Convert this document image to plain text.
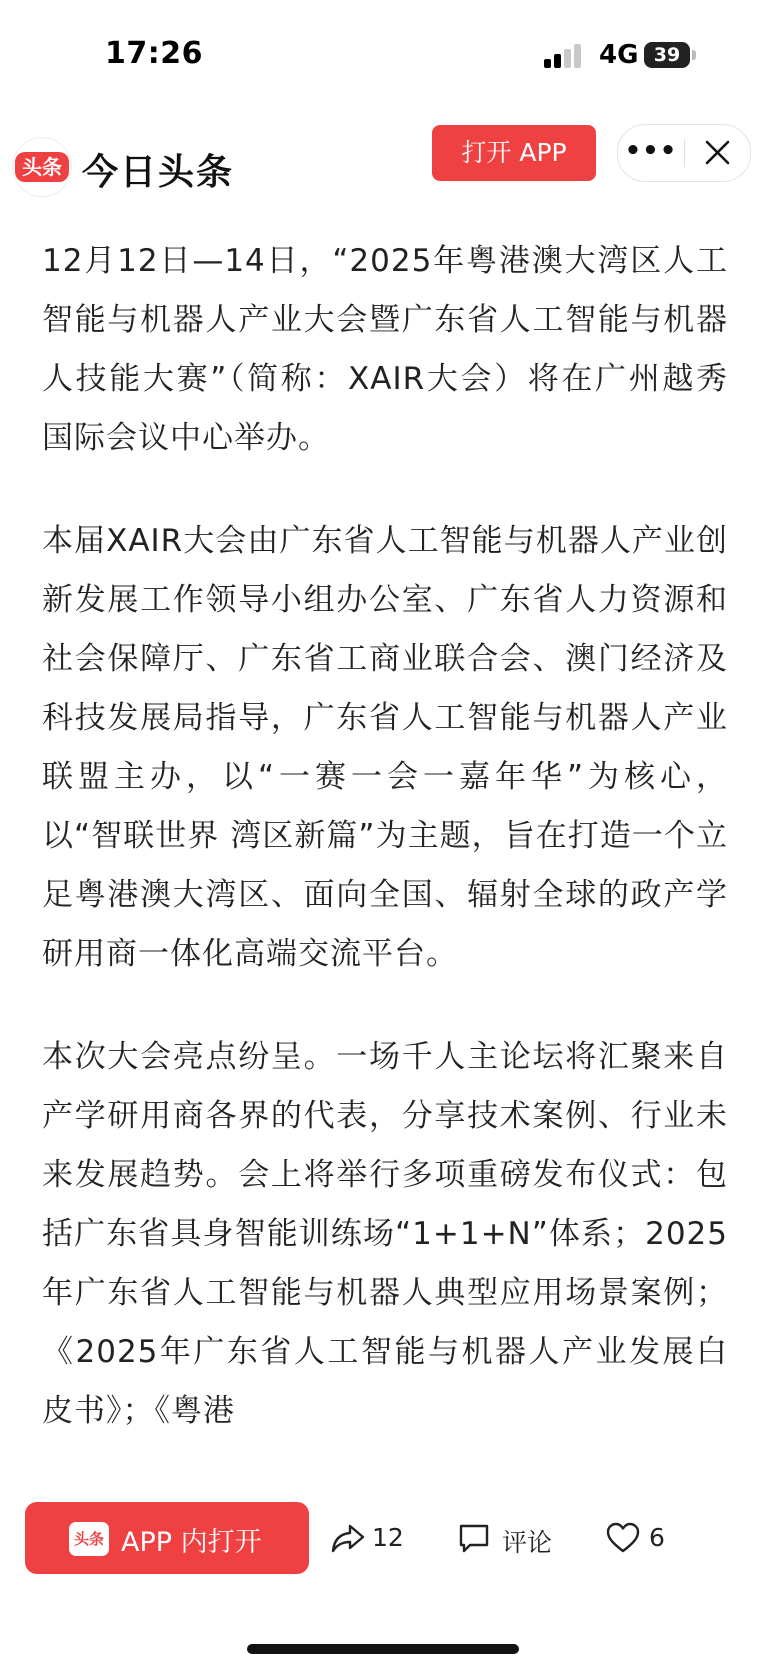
17:26	4G 39
头条 今日头条	打开 APP	•••

12月12日—14日，“2025年粤港澳大湾区人工智能与机器人产业大会暨广东省人工智能与机器人技能大赛”（简称：XAIR大会）将在广州越秀国际会议中心举办。

本届XAIR大会由广东省人工智能与机器人产业创新发展工作领导小组办公室、广东省人力资源和社会保障厅、广东省工商业联合会、澳门经济及科技发展局指导，广东省人工智能与机器人产业联盟主办，以“一赛一会一嘉年华”为核心，以“智联世界 湾区新篇”为主题，旨在打造一个立足粤港澳大湾区、面向全国、辐射全球的政产学研用商一体化高端交流平台。

本次大会亮点纷呈。一场千人主论坛将汇聚来自产学研用商各界的代表，分享技术案例、行业未来发展趋势。会上将举行多项重磅发布仪式：包括广东省具身智能训练场“1+1+N”体系；2025年广东省人工智能与机器人典型应用场景案例；《2025年广东省人工智能与机器人产业发展白皮书》；《粤港

头条 APP 内打开	12	评论	6
